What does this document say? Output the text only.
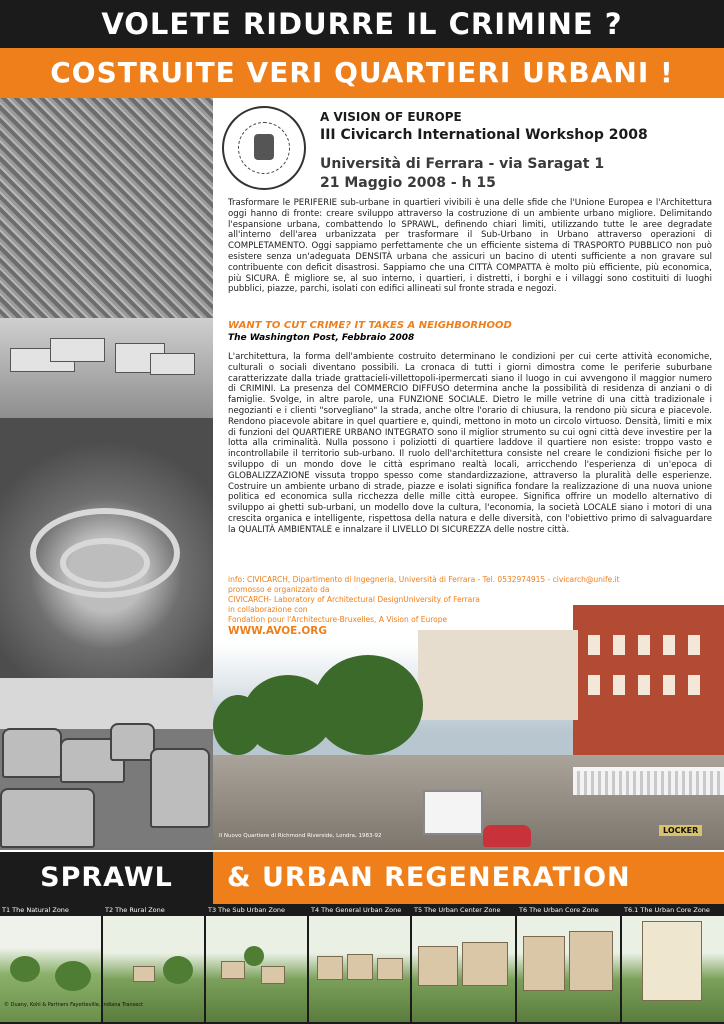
VOLETE RIDURRE IL CRIMINE ?
COSTRUITE VERI QUARTIERI URBANI !
A VISION OF EUROPE
III Civicarch International Workshop 2008
Università di Ferrara - via Saragat 1
21 Maggio 2008 - h 15
Trasformare le PERIFERIE sub-urbane in quartieri vivibili è una delle sfide che l'Unione Europea e l'Architettura oggi hanno di fronte: creare sviluppo attraverso la costruzione di un ambiente urbano migliore. Delimitando l'espansione urbana, combattendo lo SPRAWL, definendo chiari limiti, utilizzando tutte le aree degradate all'interno dell'area urbanizzata per trasformare il Sub-Urbano in Urbano attraverso operazioni di COMPLETAMENTO. Oggi sappiamo perfettamente che un efficiente sistema di TRASPORTO PUBBLICO non può esistere senza un'adeguata DENSITÀ urbana che assicuri un bacino di utenti sufficiente a non gravare sul contribuente con deficit disastrosi. Sappiamo che una CITTÀ COMPATTA è molto più efficiente, più economica, più SICURA. È migliore se, al suo interno, i quartieri, i distretti, i borghi e i villaggi sono costituiti di luoghi pubblici, piazze, parchi, isolati con edifici allineati sul fronte strada e negozi.
WANT TO CUT CRIME? IT TAKES A NEIGHBORHOOD
The Washington Post, Febbraio 2008
L'architettura, la forma dell'ambiente costruito determinano le condizioni per cui certe attività economiche, culturali o sociali diventano possibili. La cronaca di tutti i giorni dimostra come le periferie suburbane caratterizzate dalla triade grattacieli-villettopoli-ipermercati siano il luogo in cui avvengono il maggior numero di CRIMINI. La presenza del COMMERCIO DIFFUSO determina anche la possibilità di residenza di anziani o di famiglie. Svolge, in altre parole, una FUNZIONE SOCIALE. Dietro le mille vetrine di una città tradizionale i negozianti e i clienti "sorvegliano" la strada, anche oltre l'orario di chiusura, la rendono più sicura e piacevole. Rendono piacevole abitare in quel quartiere e, quindi, mettono in moto un circolo virtuoso. Densità, limiti e mix di funzioni del QUARTIERE URBANO INTEGRATO sono il miglior strumento su cui ogni città deve investire per la lotta alla criminalità. Nulla possono i poliziotti di quartiere laddove il quartiere non esiste: troppo vasto e incontrollabile il territorio sub-urbano. Il ruolo dell'architettura consiste nel creare le condizioni fisiche per lo sviluppo di un mondo dove le città esprimano realtà locali, arricchendo l'esperienza di un'epoca di GLOBALIZZAZIONE vissuta troppo spesso come standardizzazione, attraverso la pluralità delle esperienze. Costruire un ambiente urbano di strade, piazze e isolati significa fondare la realizzazione di una nuova unione politica ed economica sulla ricchezza delle mille città europee. Significa offrire un modello alternativo di sviluppo ai ghetti sub-urbani, un modello dove la cultura, l'economia, la società LOCALE siano i motori di una crescita organica e intelligente, rispettosa della natura e delle diversità, con l'obiettivo primo di salvaguardare la QUALITÀ AMBIENTALE e innalzare il LIVELLO DI SICUREZZA delle nostre città.
Il Nuovo Quartiere di Richmond Riverside, Londra, 1983-92
LOCKER
info: CIVICARCH, Dipartimento di Ingegneria, Università di Ferrara - Tel. 0532974915 - civicarch@unife.it
promosso e organizzato da
CIVICARCH- Laboratory of Architectural DesignUniversity of Ferrara
in collaborazione con
Fondation pour l'Architecture-Bruxelles, A Vision of Europe
WWW.AVOE.ORG
SPRAWL	& URBAN REGENERATION
T1 The Natural Zone	T2 The Rural Zone	T3 The Sub Urban Zone	T4 The General Urban Zone T5 The Urban Center Zone	T6 The Urban Core Zone	T6.1 The Urban Core Zone
© Duany, Kohl & Partners Fayetteville, Indiana Transect
